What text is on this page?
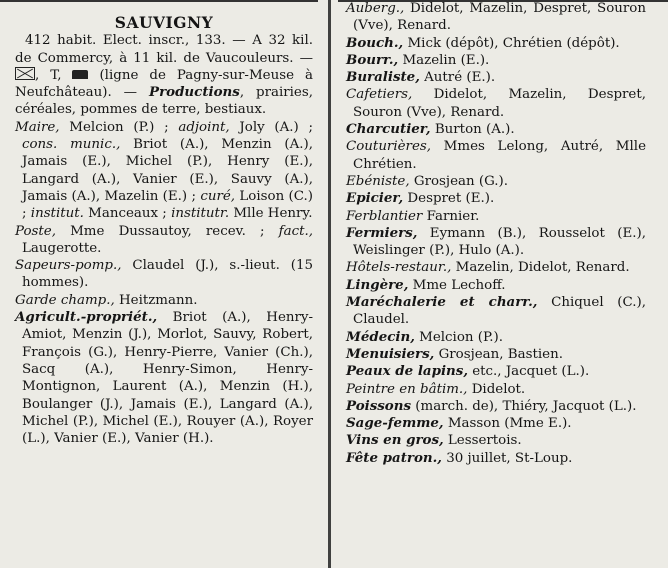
SAUVIGNY

412 habit. Elect. inscr., 133. — A 32 kil. de Commercy, à 11 kil. de Vaucouleurs. — , T,  (ligne de Pagny-sur-Meuse à Neufchâteau). — Productions, prairies, céréales, pommes de terre, bestiaux.

Maire, Melcion (P.) ; adjoint, Joly (A.) ; cons. munic., Briot (A.), Menzin (A.), Jamais (E.), Michel (P.), Henry (E.), Langard (A.), Vanier (E.), Sauvy (A.), Jamais (A.), Mazelin (E.) ; curé, Loison (C.) ; institut. Manceaux ; institutr. Mlle Henry.

Poste, Mme Dussautoy, recev. ; fact., Laugerotte.

Sapeurs-pomp., Claudel (J.), s.-lieut. (15 hommes).

Garde champ., Heitzmann.

Agricult.-propriét., Briot (A.), Henry-Amiot, Menzin (J.), Morlot, Sauvy, Robert, François (G.), Henry-Pierre, Vanier (Ch.), Sacq (A.), Henry-Simon, Henry-Montignon, Laurent (A.), Menzin (H.), Boulanger (J.), Jamais (E.), Langard (A.), Michel (P.), Michel (E.), Rouyer (A.), Royer (L.), Vanier (E.), Vanier (H.).

Auberg., Didelot, Mazelin, Despret, Souron (Vve), Renard.

Bouch., Mick (dépôt), Chrétien (dépôt).

Bourr., Mazelin (E.).

Buraliste, Autré (E.).

Cafetiers, Didelot, Mazelin, Despret, Souron (Vve), Renard.

Charcutier, Burton (A.).

Couturières, Mmes Lelong, Autré, Mlle Chrétien.

Ebéniste, Grosjean (G.).

Epicier, Despret (E.).

Ferblantier Farnier.

Fermiers, Eymann (B.), Rousselot (E.), Weislinger (P.), Hulo (A.).

Hôtels-restaur., Mazelin, Didelot, Renard.

Lingère, Mme Lechoff.

Maréchalerie et charr., Chiquel (C.), Claudel.

Médecin, Melcion (P.).

Menuisiers, Grosjean, Bastien.

Peaux de lapins, etc., Jacquet (L.).

Peintre en bâtim., Didelot.

Poissons (march. de), Thiéry, Jacquot (L.).

Sage-femme, Masson (Mme E.).

Vins en gros, Lessertois.

Fête patron., 30 juillet, St-Loup.
